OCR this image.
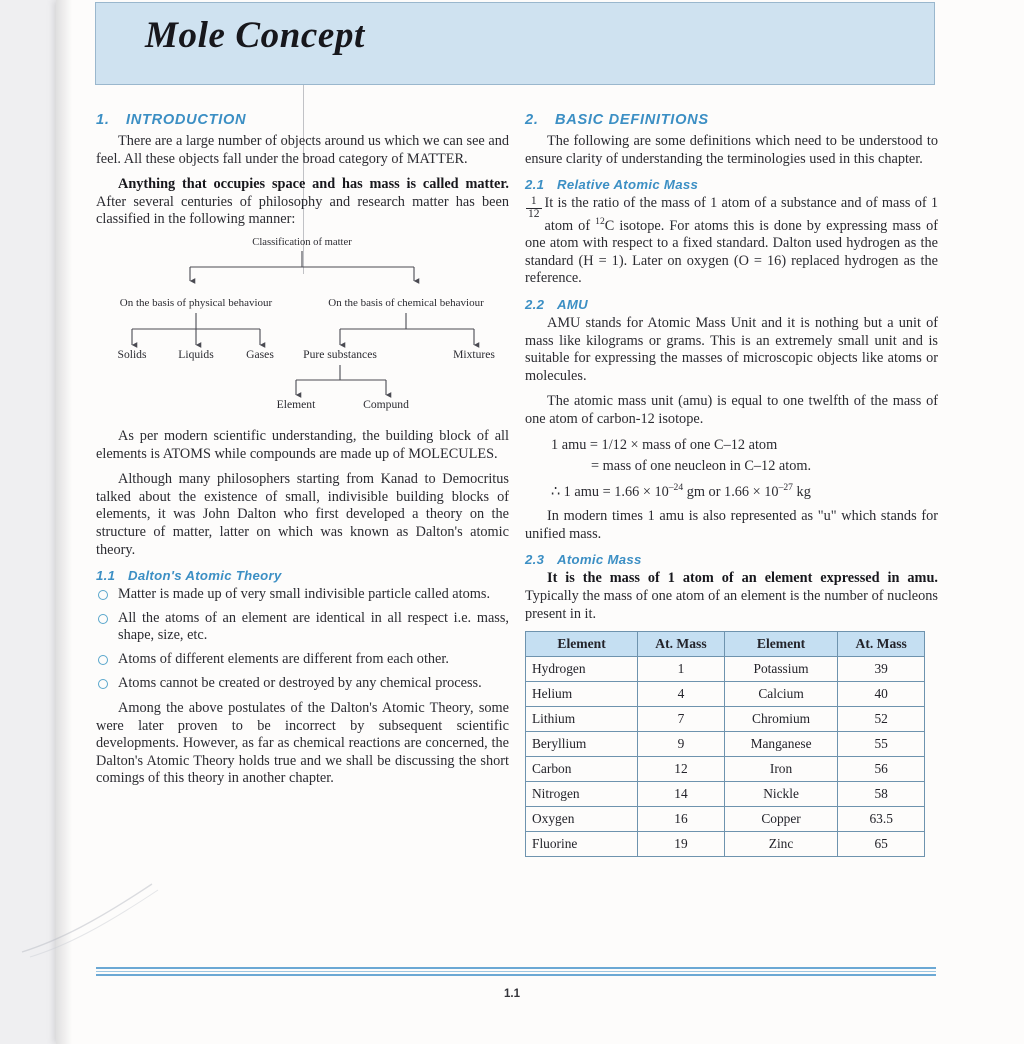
Mole Concept
1.	INTRODUCTION

There are a large number of objects around us which we can see and feel. All these objects fall under the broad category of MATTER.

Anything that occupies space and has mass is called matter. After several centuries of philosophy and research matter has been classified in the following manner:

Classification of matter
On the basis of physical behaviour	On the basis of chemical behaviour
Solids	Liquids	Gases	Pure substances	Mixtures
Element	Compund

As per modern scientific understanding, the building block of all elements is ATOMS while compounds are made up of MOLECULES.

Although many philosophers starting from Kanad to Democritus talked about the existence of small, indivisible building blocks of elements, it was John Dalton who first developed a theory on the structure of matter, latter on which was known as Dalton's atomic theory.

1.1 Dalton's Atomic Theory
Matter is made up of very small indivisible particle called atoms.
All the atoms of an element are identical in all respect i.e. mass, shape, size, etc.
Atoms of different elements are different from each other.
Atoms cannot be created or destroyed by any chemical process.

Among the above postulates of the Dalton's Atomic Theory, some were later proven to be incorrect by subsequent scientific developments. However, as far as chemical reactions are concerned, the Dalton's Atomic Theory holds true and we shall be discussing the short comings of this theory in another chapter.

2.	BASIC DEFINITIONS

The following are some definitions which need to be understood to ensure clarity of understanding the terminologies used in this chapter.

2.1 Relative Atomic Mass

$\frac{1}{12}$ It is the ratio of the mass of 1 atom of a substance and of mass of 1 atom of $^{12}$C isotope. For atoms this is done by expressing mass of one atom with respect to a fixed standard. Dalton used hydrogen as the standard (H = 1). Later on oxygen (O = 16) replaced hydrogen as the reference.

2.2 AMU

AMU stands for Atomic Mass Unit and it is nothing but a unit of mass like kilograms or grams. This is an extremely small unit and is suitable for expressing the masses of microscopic objects like atoms or molecules.

The atomic mass unit (amu) is equal to one twelfth of the mass of one atom of carbon-12 isotope.

1 amu = 1/12 × mass of one C–12 atom
= mass of one neucleon in C–12 atom.
∴ 1 amu = $1.66 \times 10^{-24}$ gm or $1.66 \times 10^{-27}$ kg

In modern times 1 amu is also represented as "u" which stands for unified mass.

2.3 Atomic Mass

It is the mass of 1 atom of an element expressed in amu. Typically the mass of one atom of an element is the number of nucleons present in it.

Element	At. Mass	Element	At. Mass
Hydrogen	1	Potassium	39
Helium	4	Calcium	40
Lithium	7	Chromium	52
Beryllium	9	Manganese	55
Carbon	12	Iron	56
Nitrogen	14	Nickle	58
Oxygen	16	Copper	63.5
Fluorine	19	Zinc	65
1.1
